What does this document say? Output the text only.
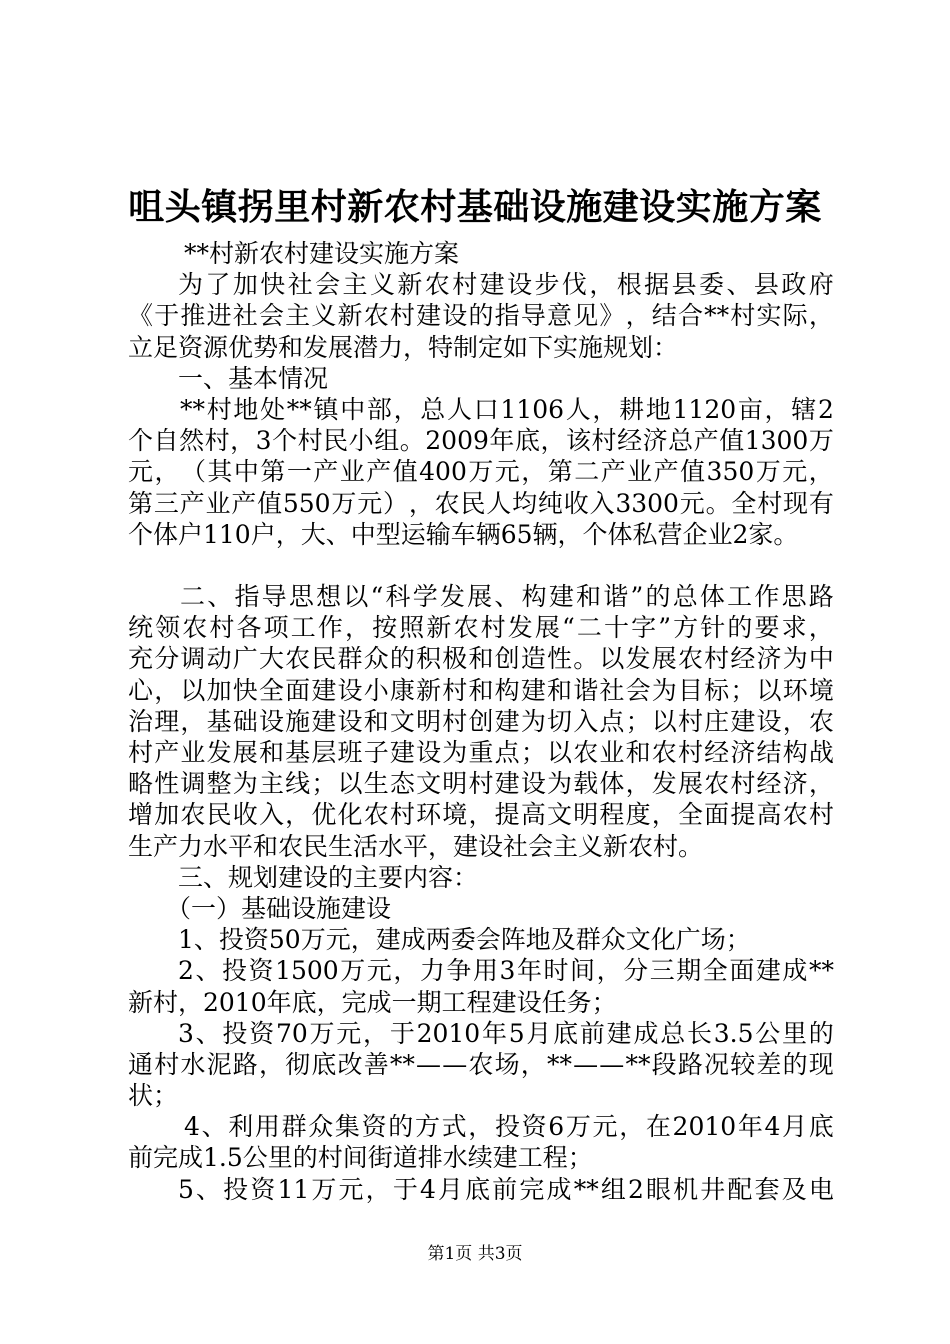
咀头镇拐里村新农村基础设施建设实施方案
**村新农村建设实施方案
为 了 加 快 社 会 主 义 新 农 村 建 设 步 伐 ， 根 据 县 委 、 县 政 府
《 于 推 进 社 会 主 义 新 农 村 建 设 的 指 导 意 见 》 ， 结 合 ** 村 实 际 ，
立足资源优势和发展潜力，特制定如下实施规划：
一、基本情况
** 村 地 处 ** 镇 中 部 ， 总 人 口 1106 人 ， 耕 地 1120 亩 ， 辖 2
个 自 然 村 ， 3 个 村 民 小 组 。 2009 年 底 ， 该 村 经 济 总 产 值 1300 万
元 ， （ 其 中 第 一 产 业 产 值 400 万 元 ， 第 二 产 业 产 值 350 万 元 ，
第 三 产 业 产 值 550 万 元 ） ， 农 民 人 均 纯 收 入 3300 元 。 全 村 现 有
个体户110户，大、中型运输车辆65辆，个体私营企业2家。
二 、 指 导 思 想 以 “ 科 学 发 展 、 构 建 和 谐 ” 的 总 体 工 作 思 路
统 领 农 村 各 项 工 作 ， 按 照 新 农 村 发 展 “ 二 十 字 ” 方 针 的 要 求 ，
充 分 调 动 广 大 农 民 群 众 的 积 极 和 创 造 性 。 以 发 展 农 村 经 济 为 中
心 ， 以 加 快 全 面 建 设 小 康 新 村 和 构 建 和 谐 社 会 为 目 标 ； 以 环 境
治 理 ， 基 础 设 施 建 设 和 文 明 村 创 建 为 切 入 点 ； 以 村 庄 建 设 ， 农
村 产 业 发 展 和 基 层 班 子 建 设 为 重 点 ； 以 农 业 和 农 村 经 济 结 构 战
略 性 调 整 为 主 线 ； 以 生 态 文 明 村 建 设 为 载 体 ， 发 展 农 村 经 济 ，
增 加 农 民 收 入 ， 优 化 农 村 环 境 ， 提 高 文 明 程 度 ， 全 面 提 高 农 村
生产力水平和农民生活水平，建设社会主义新农村。
三、规划建设的主要内容：
（一）基础设施建设
1、投资50万元，建成两委会阵地及群众文化广场；
2 、 投 资 1500 万 元 ， 力 争 用 3 年 时 间 ， 分 三 期 全 面 建 成 **
新村，2010年底，完成一期工程建设任务；
3 、 投 资 70 万 元 ， 于 2010 年 5 月 底 前 建 成 总 长 3.5 公 里 的
通 村 水 泥 路 ， 彻 底 改 善 ** — — 农 场 ， ** — — ** 段 路 况 较 差 的 现
状；
4 、 利 用 群 众 集 资 的 方 式 ， 投 资 6 万 元 ， 在 2010 年 4 月 底
前完成1.5公里的村间街道排水续建工程；
5 、 投 资 11 万 元 ， 于 4 月 底 前 完 成 ** 组 2 眼 机 井 配 套 及 电
第1页 共3页
